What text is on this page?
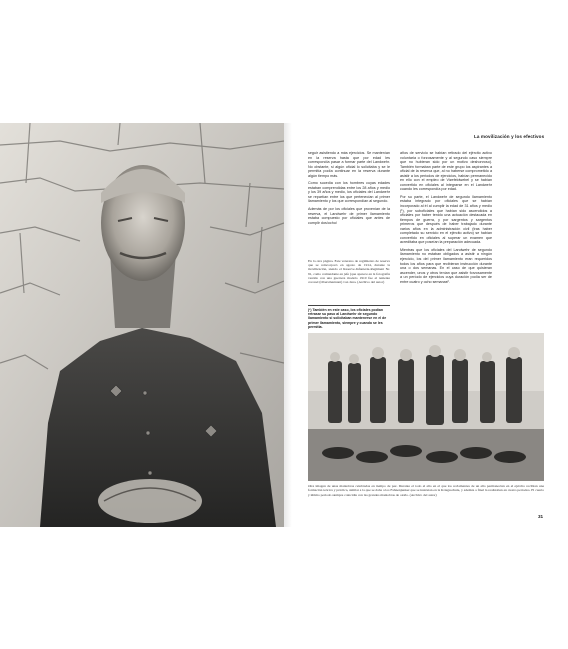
La movilización y los efectivos

seguir asistiendo a más ejercicios. Se mantenían en la reserva hasta que por edad les correspondía pasar a formar parte del Landwehr. No obstante, si algún oficial lo solicitaba y se le permitía podía continuar en la reserva durante algún tiempo más.

Como sucedía con los hombres cuyas edades estaban comprendidas entre los 28 años y medio y los 39 años y medio, los oficiales del Landwehr se repartían entre los que pertenecían al primer llamamiento y los que correspondían al segundo.

Además de por los oficiales que provenían de la reserva, el Landwehr de primer llamamiento estaba compuesto por oficiales que antes de cumplir dos/ocho/

En la otra página. Este veterano de regimiento de reserva que se reincorporó en agosto de 1914, durante la movilización, siendo el Reserve-Infanterie-Regiment Nr. 91, como comandante en jefe (que aparece en la fotografía vestido con una guerrera modelo 1910 fue el teniente coronel (Oberstleutnant) von Jena. (Archivo del autor)
(¹) También en este caso, los oficiales podían retrasar su paso al Landwehr de segundo llamamiento si solicitaban mantenerse en el de primer llamamiento, siempre y cuando se les permitía.

años de servicio se habían retirado del ejército activo voluntaria o forzosamente y al segundo caso siempre que no hubieran sido por un motivo deshonroso). También formaban parte de este grupo los aspirantes a oficial de la reserva que, al no haberse comprometido a asistir a los periodos de ejercicios, habían permanecido en ello con el empleo de Vizefeldwebel y se habían convertido en oficiales al integrarse en el Landwehr cuando les correspondía por edad.

Por su parte, el Landwehr de segundo llamamiento estaba integrado por oficiales que se habían incorporado al él al cumplir la edad de 31 años y medio (¹), por suboficiales que habían sido ascendidos a oficiales por haber tenido una actuación destacada en tiempos de guerra, y por sargentos y sargentos primeros que después de haber trabajado durante varios años en la administración civil (tras haber completado su servicio en el ejército activo) se habían convertido en oficiales al superar un examen que acreditaba que poseían la preparación adecuada.

Mientras que los oficiales del Landwehr de segundo llamamiento no estaban obligados a asistir a ningún ejercicio, los del primer llamamiento eran requeridos todos los años para que recibieran instrucción durante una o dos semanas. En el caso de que quisieran ascender, unos y otros tenían que asistir forzosamente a un período de ejercicios cuya duración podía ser de entre cuatro y ocho semanas².

Otra imagen de unas maniobras celebradas en tiempo de paz. Durante el todo el año en el que los reclamantes de un año permanecían en el ejército recibían una formación teórica y práctica, similar a la que se daba a los Fahnenjunker que se instruían en la Kriegsschule, y además a final la realizaban en cuatro periodos. El cuarto y último período siempre coincidía con las grandes maniobras de otoño. (Archivo del autor)
31
